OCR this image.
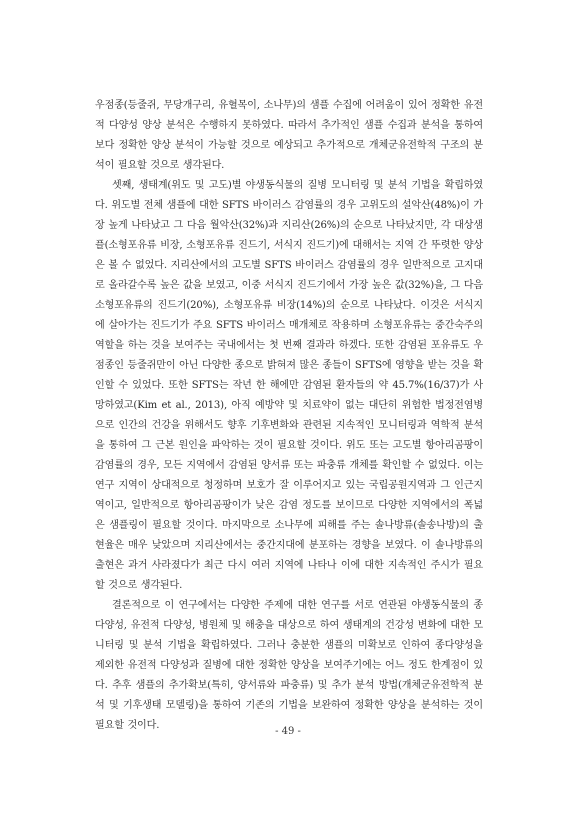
우점종(등줄쥐, 무당개구리, 유혈목이, 소나무)의 샘플 수집에 어려움이 있어 정확한 유전적 다양성 양상 분석은 수행하지 못하였다. 따라서 추가적인 샘플 수집과 분석을 통하여 보다 정확한 양상 분석이 가능할 것으로 예상되고 추가적으로 개체군유전학적 구조의 분석이 필요할 것으로 생각된다.

셋째, 생태계(위도 및 고도)별 야생동식물의 질병 모니터링 및 분석 기법을 확립하였다. 위도별 전체 샘플에 대한 SFTS 바이러스 감염률의 경우 고위도의 설악산(48%)이 가장 높게 나타났고 그 다음 월악산(32%)과 지리산(26%)의 순으로 나타났지만, 각 대상샘플(소형포유류 비장, 소형포유류 진드기, 서식지 진드기)에 대해서는 지역 간 뚜렷한 양상은 볼 수 없었다. 지리산에서의 고도별 SFTS 바이러스 감염률의 경우 일반적으로 고지대로 올라갈수록 높은 값을 보였고, 이중 서식지 진드기에서 가장 높은 값(32%)을, 그 다음 소형포유류의 진드기(20%), 소형포유류 비장(14%)의 순으로 나타났다. 이것은 서식지에 살아가는 진드기가 주요 SFTS 바이러스 매개체로 작용하며 소형포유류는 중간숙주의 역할을 하는 것을 보여주는 국내에서는 첫 번째 결과라 하겠다. 또한 감염된 포유류도 우점종인 등줄쥐만이 아닌 다양한 종으로 밝혀져 많은 종들이 SFTS에 영향을 받는 것을 확인할 수 있었다. 또한 SFTS는 작년 한 해에만 감염된 환자들의 약 45.7%(16/37)가 사망하였고(Kim et al., 2013), 아직 예방약 및 치료약이 없는 대단히 위험한 법정전염병으로 인간의 건강을 위해서도 향후 기후변화와 관련된 지속적인 모니터링과 역학적 분석을 통하여 그 근본 원인을 파악하는 것이 필요할 것이다. 위도 또는 고도별 항아리곰팡이 감염률의 경우, 모든 지역에서 감염된 양서류 또는 파충류 개체를 확인할 수 없었다. 이는 연구 지역이 상대적으로 청정하며 보호가 잘 이루어지고 있는 국립공원지역과 그 인근지역이고, 일반적으로 항아리곰팡이가 낮은 감염 정도를 보이므로 다양한 지역에서의 폭넓은 샘플링이 필요할 것이다. 마지막으로 소나무에 피해를 주는 솔나방류(솔송나방)의 출현율은 매우 낮았으며 지리산에서는 중간지대에 분포하는 경향을 보였다. 이 솔나방류의 출현은 과거 사라졌다가 최근 다시 여러 지역에 나타나 이에 대한 지속적인 주시가 필요할 것으로 생각된다.

결론적으로 이 연구에서는 다양한 주제에 대한 연구를 서로 연관된 야생동식물의 종다양성, 유전적 다양성, 병원체 및 해충을 대상으로 하여 생태계의 건강성 변화에 대한 모니터링 및 분석 기법을 확립하였다. 그러나 충분한 샘플의 미확보로 인하여 종다양성을 제외한 유전적 다양성과 질병에 대한 정확한 양상을 보여주기에는 어느 정도 한계점이 있다. 추후 샘플의 추가확보(특히, 양서류와 파충류) 및 추가 분석 방법(개체군유전학적 분석 및 기후생태 모델링)을 통하여 기존의 기법을 보완하여 정확한 양상을 분석하는 것이 필요할 것이다.

- 49 -
